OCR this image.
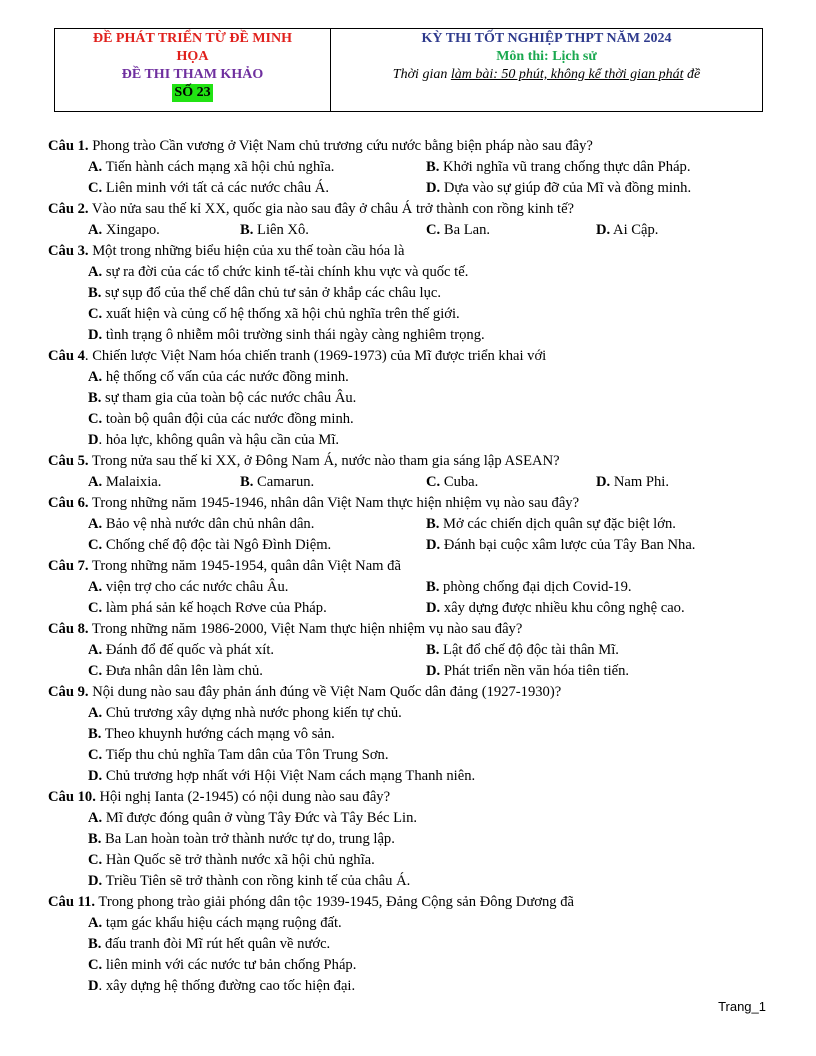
ĐỀ PHÁT TRIỂN TỪ ĐỀ MINH
HỌA
ĐỀ THI THAM KHẢO
SỐ 23
KỲ THI TỐT NGHIỆP THPT NĂM 2024
Môn thi: Lịch sử
Thời gian làm bài: 50 phút, không kể thời gian phát đề
Câu 1. Phong trào Cần vương ở Việt Nam chủ trương cứu nước bằng biện pháp nào sau đây?
A. Tiến hành cách mạng xã hội chủ nghĩa.	B. Khởi nghĩa vũ trang chống thực dân Pháp.
C. Liên minh với tất cả các nước châu Á.	D. Dựa vào sự giúp đỡ của Mĩ và đồng minh.
Câu 2. Vào nửa sau thế kỉ XX, quốc gia nào sau đây ở châu Á trở thành con rồng kinh tế?
A. Xingapo.	B. Liên Xô.	C. Ba Lan.	D. Ai Cập.
Câu 3. Một trong những biểu hiện của xu thế toàn cầu hóa là
A. sự ra đời của các tổ chức kinh tế-tài chính khu vực và quốc tế.
B. sự sụp đổ của thể chế dân chủ tư sản ở khắp các châu lục.
C. xuất hiện và củng cố hệ thống xã hội chủ nghĩa trên thế giới.
D. tình trạng ô nhiễm môi trường sinh thái ngày càng nghiêm trọng.
Câu 4. Chiến lược Việt Nam hóa chiến tranh (1969-1973) của Mĩ được triển khai với
A. hệ thống cố vấn của các nước đồng minh.
B. sự tham gia của toàn bộ các nước châu Âu.
C. toàn bộ quân đội của các nước đồng minh.
D. hỏa lực, không quân và hậu cần của Mĩ.
Câu 5. Trong nửa sau thế kỉ XX, ở Đông Nam Á, nước nào tham gia sáng lập ASEAN?
A. Malaixia.	B. Camarun.	C. Cuba.	D. Nam Phi.
Câu 6. Trong những năm 1945-1946, nhân dân Việt Nam thực hiện nhiệm vụ nào sau đây?
A. Bảo vệ nhà nước dân chủ nhân dân.	B. Mở các chiến dịch quân sự đặc biệt lớn.
C. Chống chế độ độc tài Ngô Đình Diệm.	D. Đánh bại cuộc xâm lược của Tây Ban Nha.
Câu 7. Trong những năm 1945-1954, quân dân Việt Nam đã
A. viện trợ cho các nước châu Âu.	B. phòng chống đại dịch Covid-19.
C. làm phá sản kế hoạch Rơve của Pháp.	D. xây dựng được nhiều khu công nghệ cao.
Câu 8. Trong những năm 1986-2000, Việt Nam thực hiện nhiệm vụ nào sau đây?
A. Đánh đổ đế quốc và phát xít.	B. Lật đổ chế độ độc tài thân Mĩ.
C. Đưa nhân dân lên làm chủ.	D. Phát triển nền văn hóa tiên tiến.
Câu 9. Nội dung nào sau đây phản ánh đúng về Việt Nam Quốc dân đảng (1927-1930)?
A. Chủ trương xây dựng nhà nước phong kiến tự chủ.
B. Theo khuynh hướng cách mạng vô sản.
C. Tiếp thu chủ nghĩa Tam dân của Tôn Trung Sơn.
D. Chủ trương hợp nhất với Hội Việt Nam cách mạng Thanh niên.
Câu 10. Hội nghị Ianta (2-1945) có nội dung nào sau đây?
A. Mĩ được đóng quân ở vùng Tây Đức và Tây Béc Lin.
B. Ba Lan hoàn toàn trở thành nước tự do, trung lập.
C. Hàn Quốc sẽ trở thành nước xã hội chủ nghĩa.
D. Triều Tiên sẽ trở thành con rồng kinh tế của châu Á.
Câu 11. Trong phong trào giải phóng dân tộc 1939-1945, Đảng Cộng sản Đông Dương đã
A. tạm gác khẩu hiệu cách mạng ruộng đất.
B. đấu tranh đòi Mĩ rút hết quân về nước.
C. liên minh với các nước tư bản chống Pháp.
D. xây dựng hệ thống đường cao tốc hiện đại.
Trang_1
